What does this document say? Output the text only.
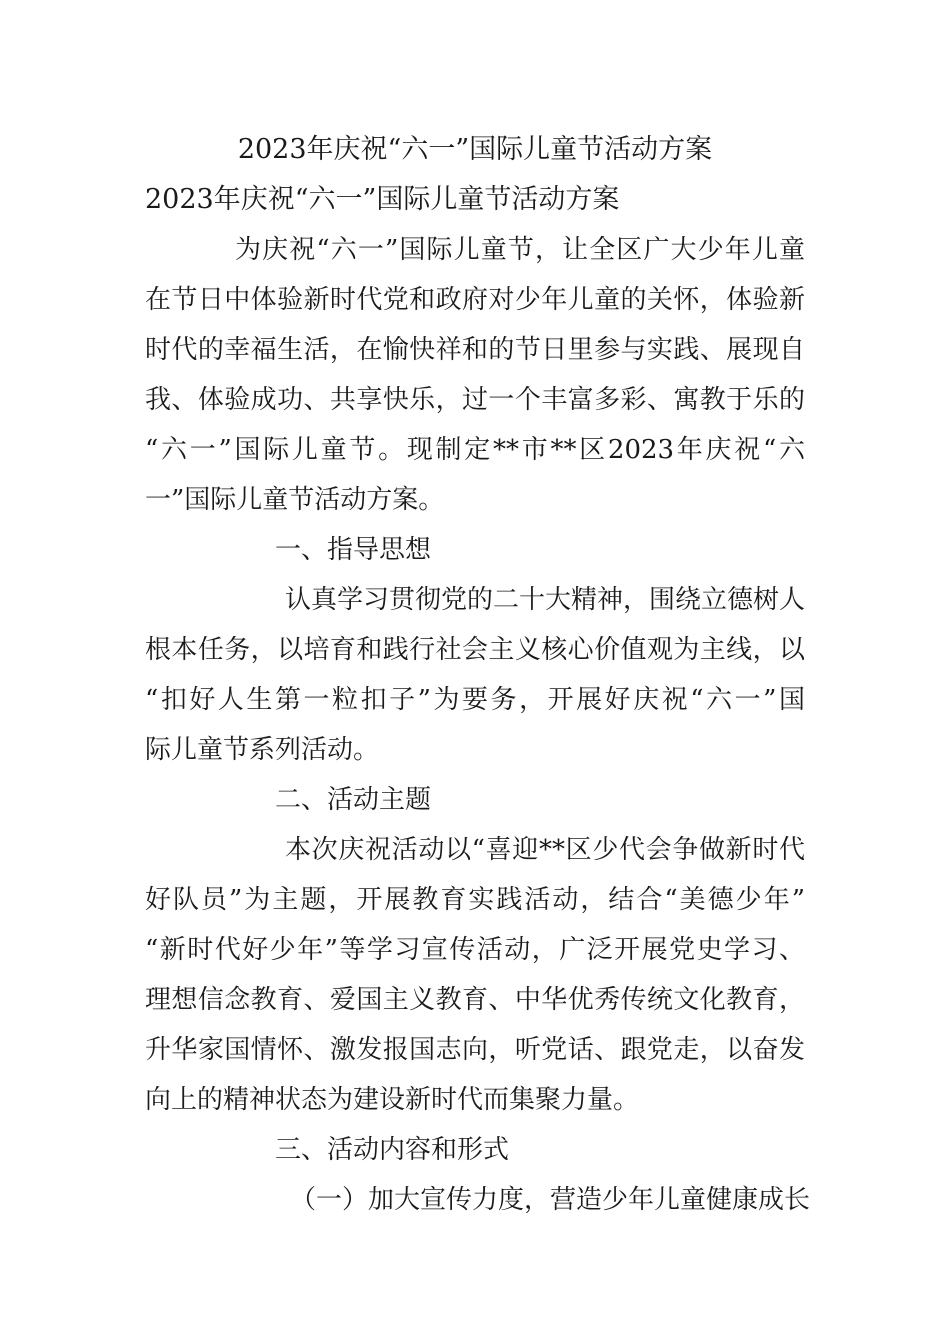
2023年庆祝“六一”国际儿童节活动方案
2023年庆祝“六一”国际儿童节活动方案
为庆祝“六一”国际儿童节，让全区广大少年儿童
在节日中体验新时代党和政府对少年儿童的关怀，体验新
时代的幸福生活，在愉快祥和的节日里参与实践、展现自
我、体验成功、共享快乐，过一个丰富多彩、寓教于乐的
“六一”国际儿童节。现制定**市**区2023年庆祝“六
一”国际儿童节活动方案。
一、指导思想
认真学习贯彻党的二十大精神，围绕立德树人
根本任务，以培育和践行社会主义核心价值观为主线，以
“扣好人生第一粒扣子”为要务，开展好庆祝“六一”国
际儿童节系列活动。
二、活动主题
本次庆祝活动以“喜迎**区少代会争做新时代
好队员”为主题，开展教育实践活动，结合“美德少年”
“新时代好少年”等学习宣传活动，广泛开展党史学习、
理想信念教育、爱国主义教育、中华优秀传统文化教育，
升华家国情怀、激发报国志向，听党话、跟党走，以奋发
向上的精神状态为建设新时代而集聚力量。
三、活动内容和形式
（一）加大宣传力度，营造少年儿童健康成长
